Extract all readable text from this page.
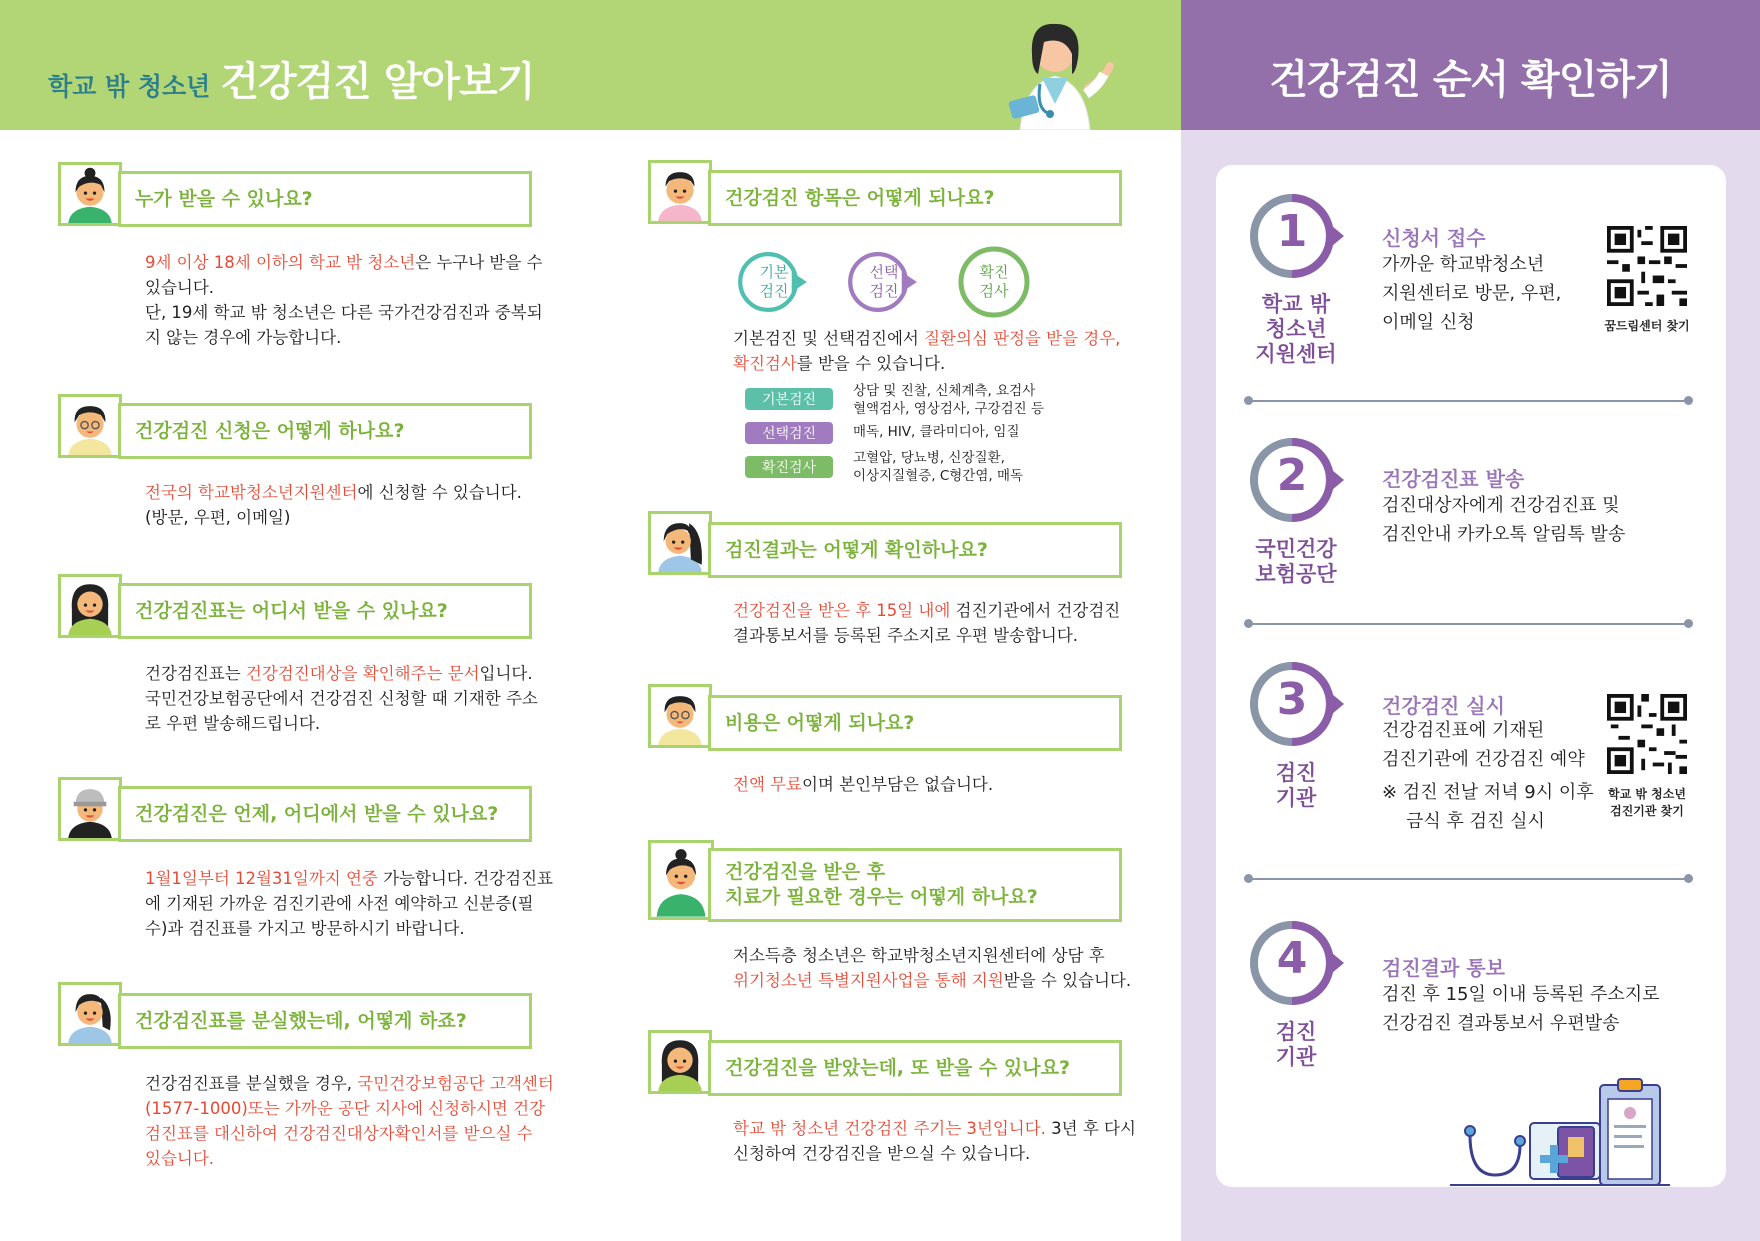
학교 밖 청소년 건강검진 알아보기	건강검진 순서 확인하기
누가 받을 수 있나요?
9세 이상 18세 이하의 학교 밖 청소년은 누구나 받을 수
있습니다.
단, 19세 학교 밖 청소년은 다른 국가건강검진과 중복되
지 않는 경우에 가능합니다.
건강검진 신청은 어떻게 하나요?
전국의 학교밖청소년지원센터에 신청할 수 있습니다.
(방문, 우편, 이메일)
건강검진표는 어디서 받을 수 있나요?
건강검진표는 건강검진대상을 확인해주는 문서입니다.
국민건강보험공단에서 건강검진 신청할 때 기재한 주소
로 우편 발송해드립니다.
건강검진은 언제, 어디에서 받을 수 있나요?
1월1일부터 12월31일까지 연중 가능합니다. 건강검진표
에 기재된 가까운 검진기관에 사전 예약하고 신분증(필
수)과 검진표를 가지고 방문하시기 바랍니다.
건강검진표를 분실했는데, 어떻게 하죠?
건강검진표를 분실했을 경우, 국민건강보험공단 고객센터
(1577-1000)또는 가까운 공단 지사에 신청하시면 건강
검진표를 대신하여 건강검진대상자확인서를 받으실 수
있습니다.
건강검진 항목은 어떻게 되나요?
기본
검진
선택
검진
확진
검사
기본검진 및 선택검진에서 질환의심 판정을 받을 경우,
확진검사를 받을 수 있습니다.
기본검진
상담 및 진찰, 신체계측, 요검사
혈액검사, 영상검사, 구강검진 등
선택검진	매독, HIV, 클라미디아, 임질
확진검사
고혈압, 당뇨병, 신장질환,
이상지질혈증, C형간염, 매독
검진결과는 어떻게 확인하나요?
건강검진을 받은 후 15일 내에 검진기관에서 건강검진
결과통보서를 등록된 주소지로 우편 발송합니다.
비용은 어떻게 되나요?
전액 무료이며 본인부담은 없습니다.
건강검진을 받은 후
치료가 필요한 경우는 어떻게 하나요?
저소득층 청소년은 학교밖청소년지원센터에 상담 후
위기청소년 특별지원사업을 통해 지원받을 수 있습니다.
건강검진을 받았는데, 또 받을 수 있나요?
학교 밖 청소년 건강검진 주기는 3년입니다. 3년 후 다시
신청하여 건강검진을 받으실 수 있습니다.
1
학교 밖
청소년
지원센터
신청서 접수
가까운 학교밖청소년
지원센터로 방문, 우편,
이메일 신청	꿈드림센터 찾기
2
국민건강
보험공단
건강검진표 발송
검진대상자에게 건강검진표 및
검진안내 카카오톡 알림톡 발송
3
검진
기관
건강검진 실시
건강검진표에 기재된
검진기관에 건강검진 예약
※ 검진 전날 저녁 9시 이후
금식 후 검진 실시
학교 밖 청소년
검진기관 찾기
4
검진
기관
검진결과 통보
검진 후 15일 이내 등록된 주소지로
건강검진 결과통보서 우편발송
